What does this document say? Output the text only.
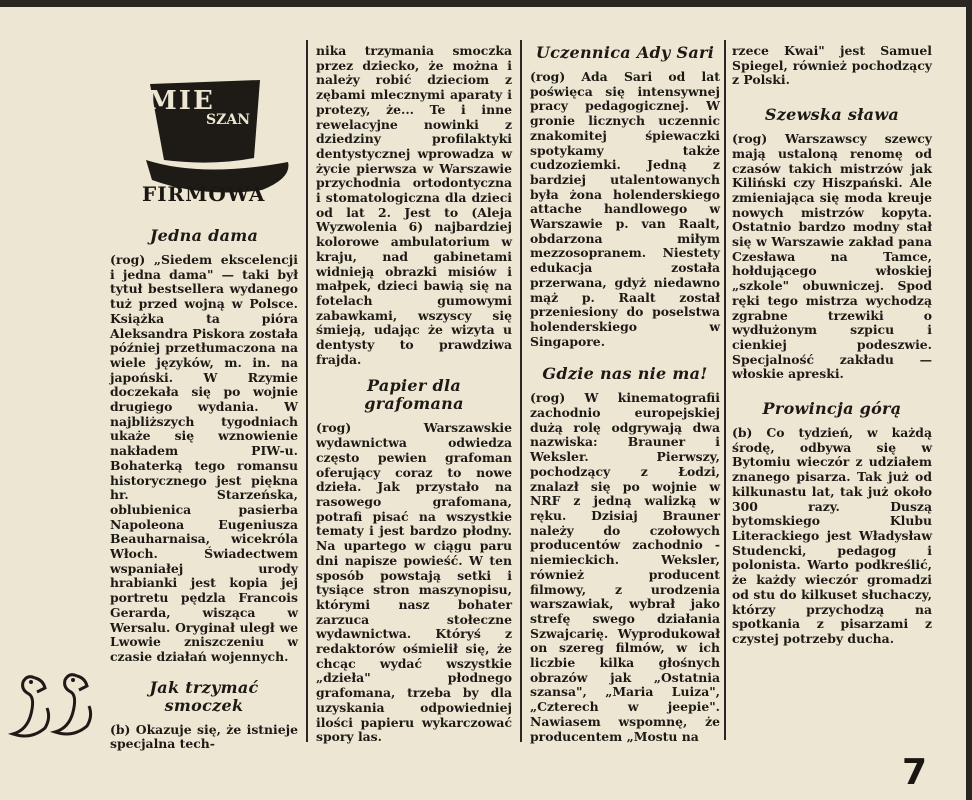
MIE
SZAN
FIRMOWA
Jedna dama

(rog) „Siedem ekscelencji i jedna dama" — taki był tytuł bestsellera wydanego tuż przed wojną w Polsce. Książka ta pióra Aleksandra Piskora została później przetłumaczona na wiele języków, m. in. na japoński. W Rzymie doczekała się po wojnie drugiego wydania. W najbliższych tygodniach ukaże się wznowienie nakładem PIW-u. Bohaterką tego romansu historycznego jest piękna hr. Starzeńska, oblubienica pasierba Napoleona Eugeniusza Beauharnaisa, wicekróla Włoch. Świadectwem wspaniałej urody hrabianki jest kopia jej portretu pędzla Francois Gerarda, wisząca w Wersalu. Oryginał uległ we Lwowie zniszczeniu w czasie działań wojennych.

Jak trzymać smoczek

(b) Okazuje się, że istnieje specjalna tech-

nika trzymania smoczka przez dziecko, że można i należy robić dzieciom z zębami mlecznymi aparaty i protezy, że... Te i inne rewelacyjne nowinki z dziedziny profilaktyki dentystycznej wprowadza w życie pierwsza w Warszawie przychodnia ortodontyczna i stomatologiczna dla dzieci od lat 2. Jest to (Aleja Wyzwolenia 6) najbardziej kolorowe ambulatorium w kraju, nad gabinetami widnieją obrazki misiów i małpek, dzieci bawią się na fotelach gumowymi zabawkami, wszyscy się śmieją, udając że wizyta u dentysty to prawdziwa frajda.

Papier dla grafomana

(rog) Warszawskie wydawnictwa odwiedza często pewien grafoman oferujący coraz to nowe dzieła. Jak przystało na rasowego grafomana, potrafi pisać na wszystkie tematy i jest bardzo płodny. Na upartego w ciągu paru dni napisze powieść. W ten sposób powstają setki i tysiące stron maszynopisu, którymi nasz bohater zarzuca stołeczne wydawnictwa. Któryś z redaktorów ośmielił się, że chcąc wydać wszystkie „dzieła" płodnego grafomana, trzeba by dla uzyskania odpowiedniej ilości papieru wykarczować spory las.

Uczennica Ady Sari

(rog) Ada Sari od lat poświęca się intensywnej pracy pedagogicznej. W gronie licznych uczennic znakomitej śpiewaczki spotykamy także cudzoziemki. Jedną z bardziej utalentowanych była żona holenderskiego attache handlowego w Warszawie p. van Raalt, obdarzona miłym mezzosopranem. Niestety edukacja została przerwana, gdyż niedawno mąż p. Raalt został przeniesiony do poselstwa holenderskiego w Singapore.

Gdzie nas nie ma!

(rog) W kinematografii zachodnio europejskiej dużą rolę odgrywają dwa nazwiska: Brauner i Weksler. Pierwszy, pochodzący z Łodzi, znalazł się po wojnie w NRF z jedną walizką w ręku. Dzisiaj Brauner należy do czołowych producentów zachodnio - niemieckich. Weksler, również producent filmowy, z urodzenia warszawiak, wybrał jako strefę swego działania Szwajcarię. Wyprodukował on szereg filmów, w ich liczbie kilka głośnych obrazów jak „Ostatnia szansa", „Maria Luiza", „Czterech w jeepie". Nawiasem wspomnę, że producentem „Mostu na

rzece Kwai" jest Samuel Spiegel, również pochodzący z Polski.

Szewska sława

(rog) Warszawscy szewcy mają ustaloną renomę od czasów takich mistrzów jak Kiliński czy Hiszpański. Ale zmieniająca się moda kreuje nowych mistrzów kopyta. Ostatnio bardzo modny stał się w Warszawie zakład pana Czesława na Tamce, hołdującego włoskiej „szkole" obuwniczej. Spod ręki tego mistrza wychodzą zgrabne trzewiki o wydłużonym szpicu i cienkiej podeszwie. Specjalność zakładu — włoskie apreski.

Prowincja górą

(b) Co tydzień, w każdą środę, odbywa się w Bytomiu wieczór z udziałem znanego pisarza. Tak już od kilkunastu lat, tak już około 300 razy. Duszą bytomskiego Klubu Literackiego jest Władysław Studencki, pedagog i polonista. Warto podkreślić, że każdy wieczór gromadzi od stu do kilkuset słuchaczy, którzy przychodzą na spotkania z pisarzami z czystej potrzeby ducha.

7
